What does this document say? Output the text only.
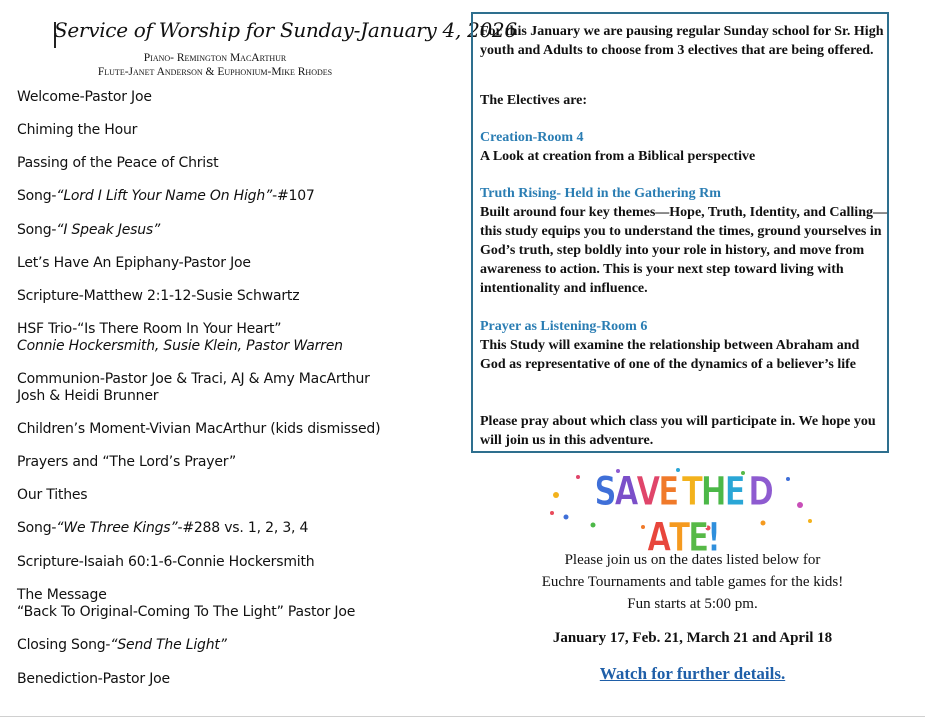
Service of Worship for Sunday-January 4, 2026
Piano- Remington MacArthur
Flute-Janet Anderson & Euphonium-Mike Rhodes
Welcome-Pastor Joe
Chiming the Hour
Passing of the Peace of Christ
Song-“Lord I Lift Your Name On High”-#107
Song-“I Speak Jesus”
Let’s Have An Epiphany-Pastor Joe
Scripture-Matthew 2:1-12-Susie Schwartz
HSF Trio-“Is There Room In Your Heart”
Connie Hockersmith, Susie Klein, Pastor Warren
Communion-Pastor Joe & Traci, AJ & Amy MacArthur
Josh & Heidi Brunner
Children’s Moment-Vivian MacArthur (kids dismissed)
Prayers and “The Lord’s Prayer”
Our Tithes
Song-“We Three Kings”-#288 vs. 1, 2, 3, 4
Scripture-Isaiah 60:1-6-Connie Hockersmith
The Message
“Back To Original-Coming To The Light” Pastor Joe
Closing Song-“Send The Light”
Benediction-Pastor Joe

For this January we are pausing regular Sunday school for Sr. High youth and Adults to choose from 3 electives that are being offered.

The Electives are:

Creation-Room 4

A Look at creation from a Biblical perspective

Truth Rising- Held in the Gathering Rm

Built around four key themes—Hope, Truth, Identity, and Calling—this study equips you to understand the times, ground yourselves in God’s truth, step boldly into your role in history, and move from awareness to action. This is your next step toward living with intentionality and influence.

Prayer as Listening-Room 6

This Study will examine the relationship between Abraham and God as representative of one of the dynamics of a believer’s life

Please pray about which class you will participate in. We hope you will join us in this adventure.

SAVE THE DATE!
Please join us on the dates listed below for
Euchre Tournaments and table games for the kids!
Fun starts at 5:00 pm.
January 17, Feb. 21, March 21 and April 18
Watch for further details.
